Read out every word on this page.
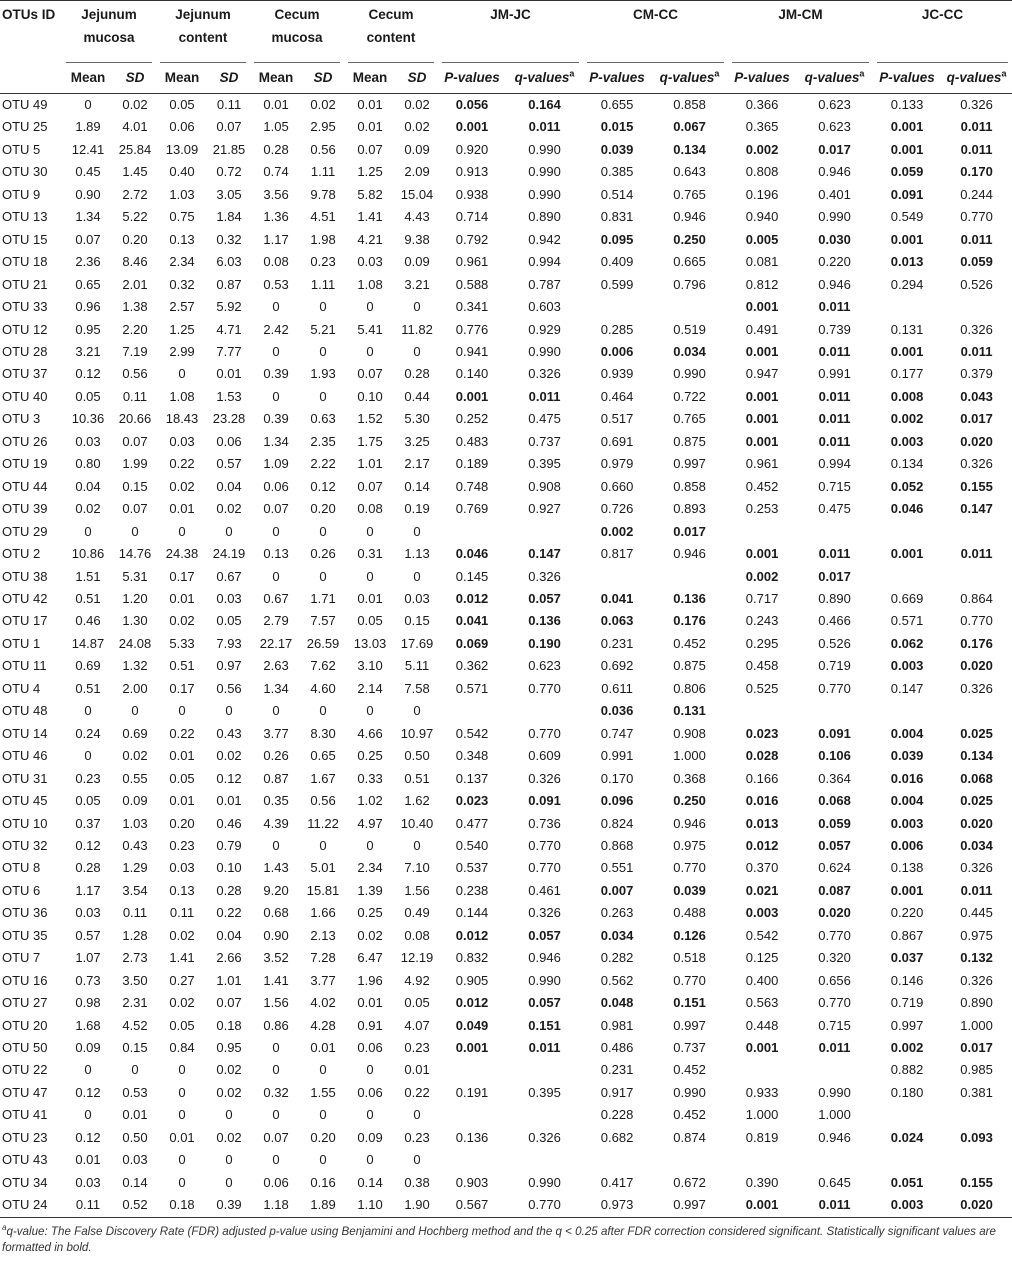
OTUs ID	Jejunum
mucosa		Jejunum
content		Cecum
mucosa		Cecum
content		JM-JC		CM-CC		JM-CM		JC-CC	

	Mean	SD	Mean	SD	Mean	SD	Mean	SD	P-values	q-values$^a$	P-values	q-values$^a$	P-values	q-values$^a$	P-values	q-values$^a$
OTU 49	0	0.02	0.05	0.11	0.01	0.02	0.01	0.02	0.056	0.164	0.655	0.858	0.366	0.623	0.133	0.326
OTU 25	1.89	4.01	0.06	0.07	1.05	2.95	0.01	0.02	0.001	0.011	0.015	0.067	0.365	0.623	0.001	0.011
OTU 5	12.41	25.84	13.09	21.85	0.28	0.56	0.07	0.09	0.920	0.990	0.039	0.134	0.002	0.017	0.001	0.011
OTU 30	0.45	1.45	0.40	0.72	0.74	1.11	1.25	2.09	0.913	0.990	0.385	0.643	0.808	0.946	0.059	0.170
OTU 9	0.90	2.72	1.03	3.05	3.56	9.78	5.82	15.04	0.938	0.990	0.514	0.765	0.196	0.401	0.091	0.244
OTU 13	1.34	5.22	0.75	1.84	1.36	4.51	1.41	4.43	0.714	0.890	0.831	0.946	0.940	0.990	0.549	0.770
OTU 15	0.07	0.20	0.13	0.32	1.17	1.98	4.21	9.38	0.792	0.942	0.095	0.250	0.005	0.030	0.001	0.011
OTU 18	2.36	8.46	2.34	6.03	0.08	0.23	0.03	0.09	0.961	0.994	0.409	0.665	0.081	0.220	0.013	0.059
OTU 21	0.65	2.01	0.32	0.87	0.53	1.11	1.08	3.21	0.588	0.787	0.599	0.796	0.812	0.946	0.294	0.526
OTU 33	0.96	1.38	2.57	5.92	0	0	0	0	0.341	0.603			0.001	0.011		
OTU 12	0.95	2.20	1.25	4.71	2.42	5.21	5.41	11.82	0.776	0.929	0.285	0.519	0.491	0.739	0.131	0.326
OTU 28	3.21	7.19	2.99	7.77	0	0	0	0	0.941	0.990	0.006	0.034	0.001	0.011	0.001	0.011
OTU 37	0.12	0.56	0	0.01	0.39	1.93	0.07	0.28	0.140	0.326	0.939	0.990	0.947	0.991	0.177	0.379
OTU 40	0.05	0.11	1.08	1.53	0	0	0.10	0.44	0.001	0.011	0.464	0.722	0.001	0.011	0.008	0.043
OTU 3	10.36	20.66	18.43	23.28	0.39	0.63	1.52	5.30	0.252	0.475	0.517	0.765	0.001	0.011	0.002	0.017
OTU 26	0.03	0.07	0.03	0.06	1.34	2.35	1.75	3.25	0.483	0.737	0.691	0.875	0.001	0.011	0.003	0.020
OTU 19	0.80	1.99	0.22	0.57	1.09	2.22	1.01	2.17	0.189	0.395	0.979	0.997	0.961	0.994	0.134	0.326
OTU 44	0.04	0.15	0.02	0.04	0.06	0.12	0.07	0.14	0.748	0.908	0.660	0.858	0.452	0.715	0.052	0.155
OTU 39	0.02	0.07	0.01	0.02	0.07	0.20	0.08	0.19	0.769	0.927	0.726	0.893	0.253	0.475	0.046	0.147
OTU 29	0	0	0	0	0	0	0	0			0.002	0.017				
OTU 2	10.86	14.76	24.38	24.19	0.13	0.26	0.31	1.13	0.046	0.147	0.817	0.946	0.001	0.011	0.001	0.011
OTU 38	1.51	5.31	0.17	0.67	0	0	0	0	0.145	0.326			0.002	0.017		
OTU 42	0.51	1.20	0.01	0.03	0.67	1.71	0.01	0.03	0.012	0.057	0.041	0.136	0.717	0.890	0.669	0.864
OTU 17	0.46	1.30	0.02	0.05	2.79	7.57	0.05	0.15	0.041	0.136	0.063	0.176	0.243	0.466	0.571	0.770
OTU 1	14.87	24.08	5.33	7.93	22.17	26.59	13.03	17.69	0.069	0.190	0.231	0.452	0.295	0.526	0.062	0.176
OTU 11	0.69	1.32	0.51	0.97	2.63	7.62	3.10	5.11	0.362	0.623	0.692	0.875	0.458	0.719	0.003	0.020
OTU 4	0.51	2.00	0.17	0.56	1.34	4.60	2.14	7.58	0.571	0.770	0.611	0.806	0.525	0.770	0.147	0.326
OTU 48	0	0	0	0	0	0	0	0			0.036	0.131				
OTU 14	0.24	0.69	0.22	0.43	3.77	8.30	4.66	10.97	0.542	0.770	0.747	0.908	0.023	0.091	0.004	0.025
OTU 46	0	0.02	0.01	0.02	0.26	0.65	0.25	0.50	0.348	0.609	0.991	1.000	0.028	0.106	0.039	0.134
OTU 31	0.23	0.55	0.05	0.12	0.87	1.67	0.33	0.51	0.137	0.326	0.170	0.368	0.166	0.364	0.016	0.068
OTU 45	0.05	0.09	0.01	0.01	0.35	0.56	1.02	1.62	0.023	0.091	0.096	0.250	0.016	0.068	0.004	0.025
OTU 10	0.37	1.03	0.20	0.46	4.39	11.22	4.97	10.40	0.477	0.736	0.824	0.946	0.013	0.059	0.003	0.020
OTU 32	0.12	0.43	0.23	0.79	0	0	0	0	0.540	0.770	0.868	0.975	0.012	0.057	0.006	0.034
OTU 8	0.28	1.29	0.03	0.10	1.43	5.01	2.34	7.10	0.537	0.770	0.551	0.770	0.370	0.624	0.138	0.326
OTU 6	1.17	3.54	0.13	0.28	9.20	15.81	1.39	1.56	0.238	0.461	0.007	0.039	0.021	0.087	0.001	0.011
OTU 36	0.03	0.11	0.11	0.22	0.68	1.66	0.25	0.49	0.144	0.326	0.263	0.488	0.003	0.020	0.220	0.445
OTU 35	0.57	1.28	0.02	0.04	0.90	2.13	0.02	0.08	0.012	0.057	0.034	0.126	0.542	0.770	0.867	0.975
OTU 7	1.07	2.73	1.41	2.66	3.52	7.28	6.47	12.19	0.832	0.946	0.282	0.518	0.125	0.320	0.037	0.132
OTU 16	0.73	3.50	0.27	1.01	1.41	3.77	1.96	4.92	0.905	0.990	0.562	0.770	0.400	0.656	0.146	0.326
OTU 27	0.98	2.31	0.02	0.07	1.56	4.02	0.01	0.05	0.012	0.057	0.048	0.151	0.563	0.770	0.719	0.890
OTU 20	1.68	4.52	0.05	0.18	0.86	4.28	0.91	4.07	0.049	0.151	0.981	0.997	0.448	0.715	0.997	1.000
OTU 50	0.09	0.15	0.84	0.95	0	0.01	0.06	0.23	0.001	0.011	0.486	0.737	0.001	0.011	0.002	0.017
OTU 22	0	0	0	0.02	0	0	0	0.01			0.231	0.452			0.882	0.985
OTU 47	0.12	0.53	0	0.02	0.32	1.55	0.06	0.22	0.191	0.395	0.917	0.990	0.933	0.990	0.180	0.381
OTU 41	0	0.01	0	0	0	0	0	0			0.228	0.452	1.000	1.000		
OTU 23	0.12	0.50	0.01	0.02	0.07	0.20	0.09	0.23	0.136	0.326	0.682	0.874	0.819	0.946	0.024	0.093
OTU 43	0.01	0.03	0	0	0	0	0	0								
OTU 34	0.03	0.14	0	0	0.06	0.16	0.14	0.38	0.903	0.990	0.417	0.672	0.390	0.645	0.051	0.155
OTU 24	0.11	0.52	0.18	0.39	1.18	1.89	1.10	1.90	0.567	0.770	0.973	0.997	0.001	0.011	0.003	0.020
$^a$q-value: The False Discovery Rate (FDR) adjusted p-value using Benjamini and Hochberg method and the q < 0.25 after FDR correction considered significant. Statistically significant values are formatted in bold.
